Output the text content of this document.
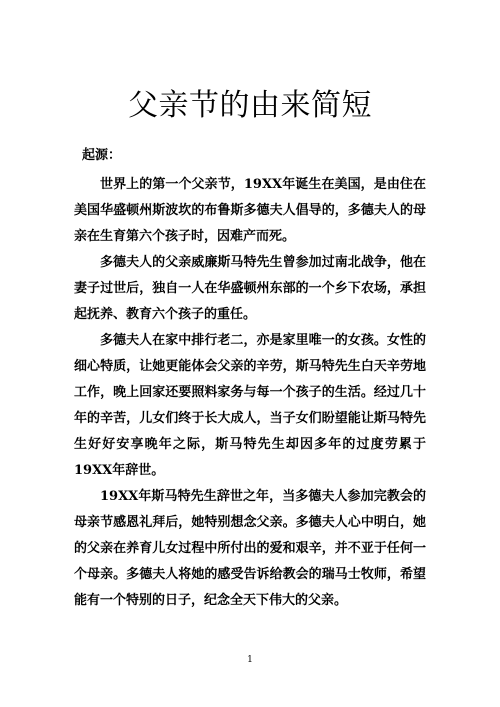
父亲节的由来简短

起源：

世界上的第一个父亲节，19XX年诞生在美国，是由住在美国华盛顿州斯波坎的布鲁斯多德夫人倡导的，多德夫人的母亲在生育第六个孩子时，因难产而死。

多德夫人的父亲威廉斯马特先生曾参加过南北战争，他在妻子过世后，独自一人在华盛顿州东部的一个乡下农场，承担起抚养、教育六个孩子的重任。

多德夫人在家中排行老二，亦是家里唯一的女孩。女性的细心特质，让她更能体会父亲的辛劳，斯马特先生白天辛劳地工作，晚上回家还要照料家务与每一个孩子的生活。经过几十年的辛苦，儿女们终于长大成人，当子女们盼望能让斯马特先生好好安享晚年之际，斯马特先生却因多年的过度劳累于19XX年辞世。

19XX年斯马特先生辞世之年，当多德夫人参加完教会的母亲节感恩礼拜后，她特别想念父亲。多德夫人心中明白，她的父亲在养育儿女过程中所付出的爱和艰辛，并不亚于任何一个母亲。多德夫人将她的感受告诉给教会的瑞马士牧师，希望能有一个特别的日子，纪念全天下伟大的父亲。

1
